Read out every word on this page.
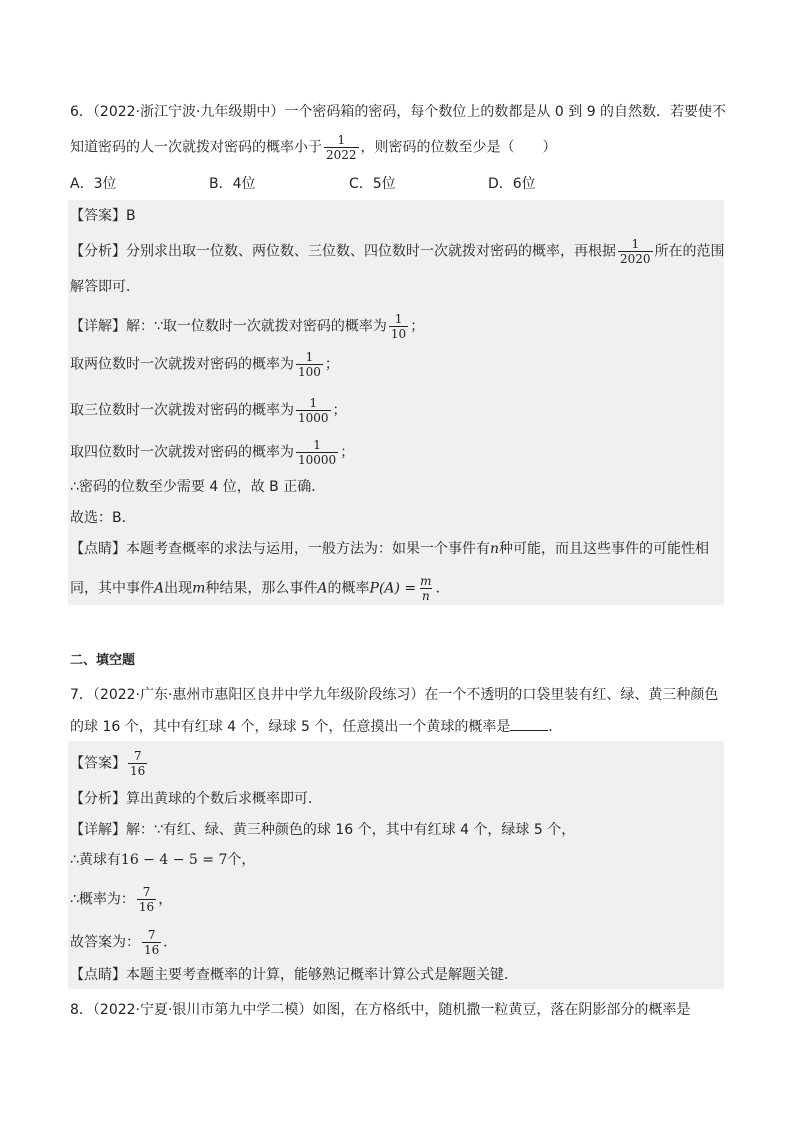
6．（2022·浙江宁波·九年级期中）一个密码箱的密码，每个数位上的数都是从 0 到 9 的自然数．若要使不
知道密码的人一次就拨对密码的概率小于 $\frac{1}{2022}$ ，则密码的位数至少是（　　）
A．3位	B．4位	C．5位	D．6位
【答案】B
【分析】分别求出取一位数、两位数、三位数、四位数时一次就拨对密码的概率，再根据 $\frac{1}{2020}$ 所在的范围
解答即可．
【详解】解：∵取一位数时一次就拨对密码的概率为 $\frac{1}{10}$ ；
取两位数时一次就拨对密码的概率为 $\frac{1}{100}$ ；
取三位数时一次就拨对密码的概率为 $\frac{1}{1000}$ ；
取四位数时一次就拨对密码的概率为 $\frac{1}{10000}$ ；
∴密码的位数至少需要 4 位，故 B 正确．
故选：B．
【点睛】本题考查概率的求法与运用，一般方法为：如果一个事件有n种可能，而且这些事件的可能性相
同，其中事件A出现m种结果，那么事件A的概率$P(A) = \frac{m}{n}$ ．
二、填空题
7．（2022·广东·惠州市惠阳区良井中学九年级阶段练习）在一个不透明的口袋里装有红、绿、黄三种颜色
的球 16 个，其中有红球 4 个，绿球 5 个，任意摸出一个黄球的概率是	．
【答案】 $\frac{7}{16}$
【分析】算出黄球的个数后求概率即可．
【详解】解：∵有红、绿、黄三种颜色的球 16 个，其中有红球 4 个，绿球 5 个，
∴黄球有16 − 4 − 5 = 7个，
∴概率为： $\frac{7}{16}$ ，
故答案为： $\frac{7}{16}$ ．
【点睛】本题主要考查概率的计算，能够熟记概率计算公式是解题关键．
8．（2022·宁夏·银川市第九中学二模）如图，在方格纸中，随机撒一粒黄豆，落在阴影部分的概率是
